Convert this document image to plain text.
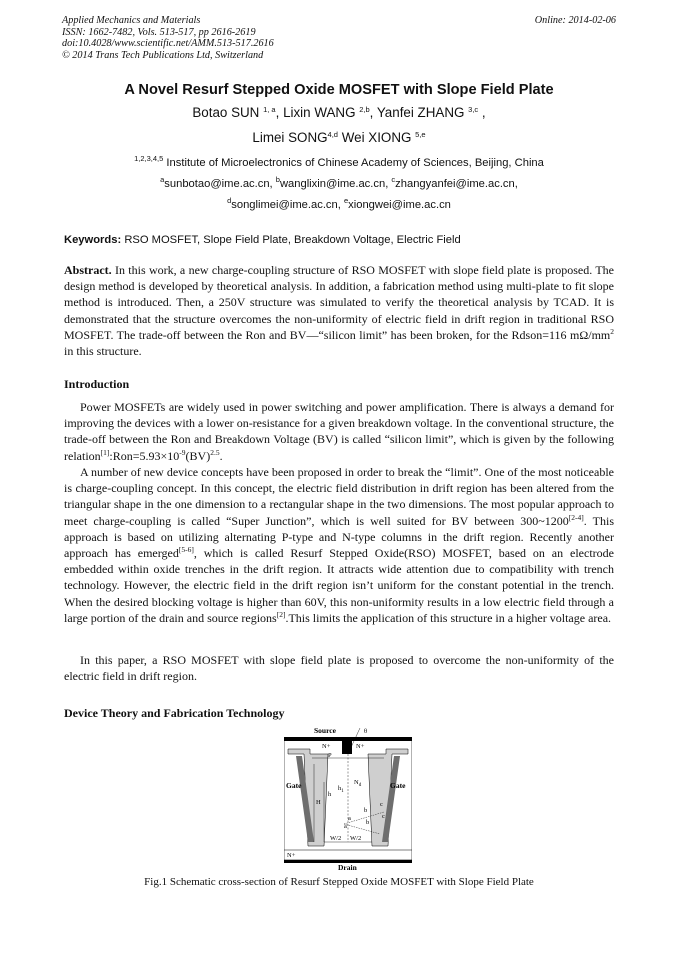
Applied Mechanics and Materials
ISSN: 1662-7482, Vols. 513-517, pp 2616-2619
doi:10.4028/www.scientific.net/AMM.513-517.2616
© 2014 Trans Tech Publications Ltd, Switzerland
Online: 2014-02-06
A Novel Resurf Stepped Oxide MOSFET with Slope Field Plate
Botao SUN $^{1, a}$, Lixin WANG $^{2,b}$, Yanfei ZHANG $^{3,c}$ ,
Limei SONG$^{4,d}$ Wei XIONG $^{5,e}$
$^{1,2,3,4,5}$ Institute of Microelectronics of Chinese Academy of Sciences, Beijing, China
$^a$sunbotao@ime.ac.cn, $^b$wanglixin@ime.ac.cn, $^c$zhangyanfei@ime.ac.cn,
$^d$songlimei@ime.ac.cn, $^e$xiongwei@ime.ac.cn
Keywords: RSO MOSFET, Slope Field Plate, Breakdown Voltage, Electric Field
Abstract. In this work, a new charge-coupling structure of RSO MOSFET with slope field plate is proposed. The design method is developed by theoretical analysis. In addition, a fabrication method using multi-plate to fit slope method is introduced. Then, a 250V structure was simulated to verify the theoretical analysis by TCAD. It is demonstrated that the structure overcomes the non-uniformity of electric field in drift region in traditional RSO MOSFET. The trade-off between the Ron and BV—“silicon limit” has been broken, for the Rdson=116 $m\Omega/mm^2$ in this structure.
Introduction
Power MOSFETs are widely used in power switching and power amplification. There is always a demand for improving the devices with a lower on-resistance for a given breakdown voltage. In the conventional structure, the trade-off between the Ron and Breakdown Voltage (BV) is called “silicon limit”, which is given by the following $relation[1]:Ron=5.93\times 10^{-9}(BV)^{2.5}$.
A number of new device concepts have been proposed in order to break the “limit”. One of the most noticeable is charge-coupling concept. In this concept, the electric field distribution in drift region has been altered from the triangular shape in the one dimension to a rectangular shape in the two dimensions. The most popular approach to meet charge-coupling is called “Super Junction”, which is well suited for BV between 300~1200[2-4]. This approach is based on utilizing alternating P-type and N-type columns in the drift region. Recently another approach has emerged[5-6], which is called Resurf Stepped Oxide(RSO) MOSFET, based on an electrode embedded within oxide trenches in the drift region. It attracts wide attention due to compatibility with trench technology. However, the electric field in the drift region isn’t uniform for the constant potential in the trench. When the desired blocking voltage is higher than 60V, this non-uniformity results in a low electric field through a large portion of the drain and source regions[2].This limits the application of this structure in a higher voltage area.
In this paper, a RSO MOSFET with slope field plate is proposed to overcome the non-uniformity of the electric field in drift region.
Device Theory and Fabrication Technology
Source	θ
N+	N+
P
$N_d$
Gate	Gate
$h_1$
h
H
a
b
c
a
b
c
W/2 W/2
N+
Drain
Fig.1 Schematic cross-section of Resurf Stepped Oxide MOSFET with Slope Field Plate
